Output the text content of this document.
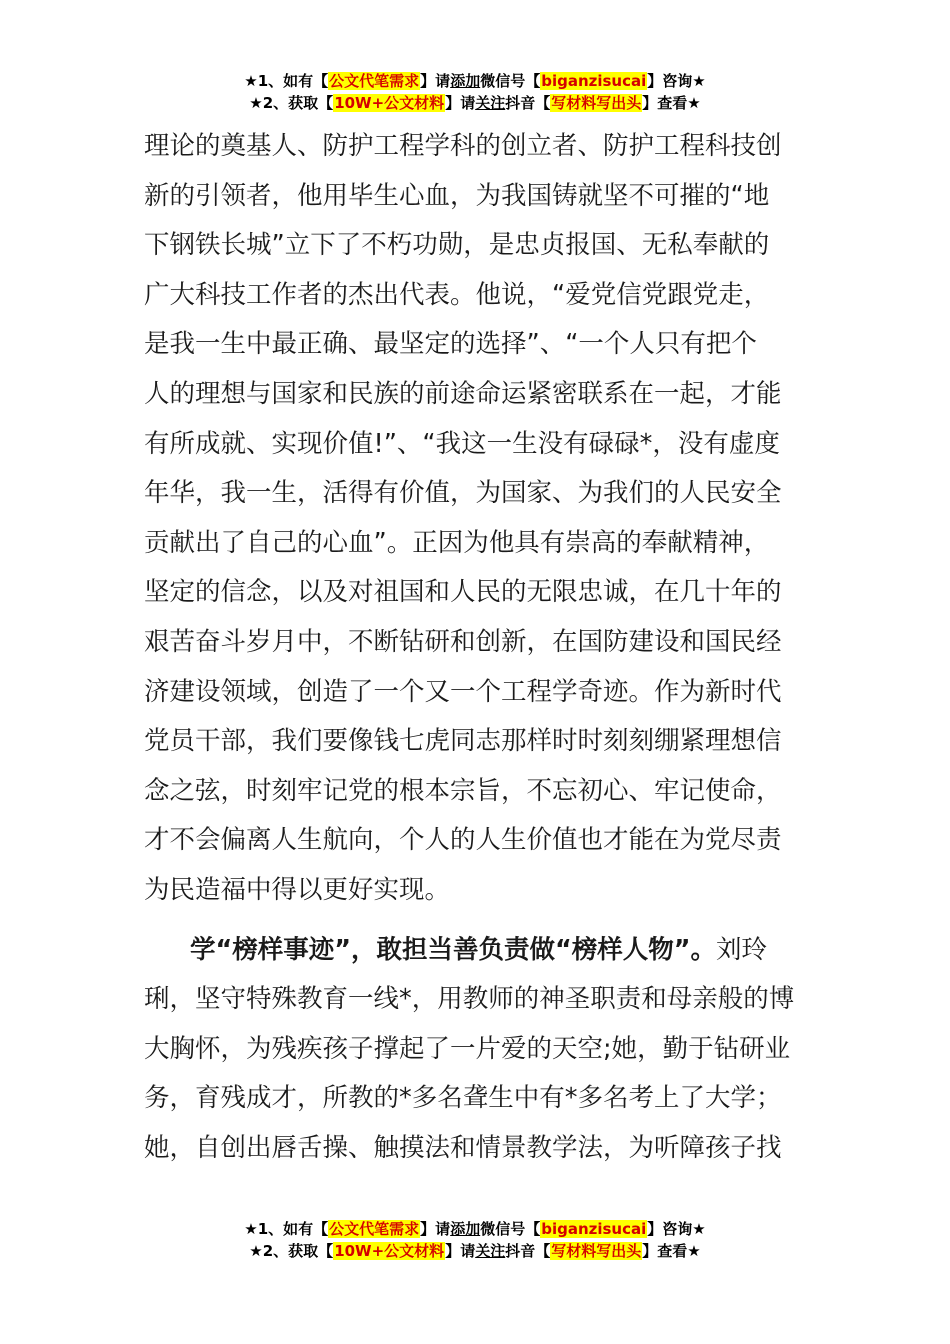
★1、如有【公文代笔需求】请添加微信号【biganzisucai】咨询★
★2、获取【10W+公文材料】请关注抖音【写材料写出头】查看★
理论的奠基人、防护工程学科的创立者、防护工程科技创
新的引领者，他用毕生心血，为我国铸就坚不可摧的“地
下钢铁长城”立下了不朽功勋，是忠贞报国、无私奉献的
广大科技工作者的杰出代表。他说，“爱党信党跟党走，
是我一生中最正确、最坚定的选择”、“一个人只有把个
人的理想与国家和民族的前途命运紧密联系在一起，才能
有所成就、实现价值!”、“我这一生没有碌碌*，没有虚度
年华，我一生，活得有价值，为国家、为我们的人民安全
贡献出了自己的心血”。正因为他具有崇高的奉献精神，
坚定的信念，以及对祖国和人民的无限忠诚，在几十年的
艰苦奋斗岁月中，不断钻研和创新，在国防建设和国民经
济建设领域，创造了一个又一个工程学奇迹。作为新时代
党员干部，我们要像钱七虎同志那样时时刻刻绷紧理想信
念之弦，时刻牢记党的根本宗旨，不忘初心、牢记使命，
才不会偏离人生航向，个人的人生价值也才能在为党尽责
为民造福中得以更好实现。
学“榜样事迹”，敢担当善负责做“榜样人物”。刘玲
琍，坚守特殊教育一线*，用教师的神圣职责和母亲般的博
大胸怀，为残疾孩子撑起了一片爱的天空;她，勤于钻研业
务，育残成才，所教的*多名聋生中有*多名考上了大学；
她，自创出唇舌操、触摸法和情景教学法，为听障孩子找
★1、如有【公文代笔需求】请添加微信号【biganzisucai】咨询★
★2、获取【10W+公文材料】请关注抖音【写材料写出头】查看★
